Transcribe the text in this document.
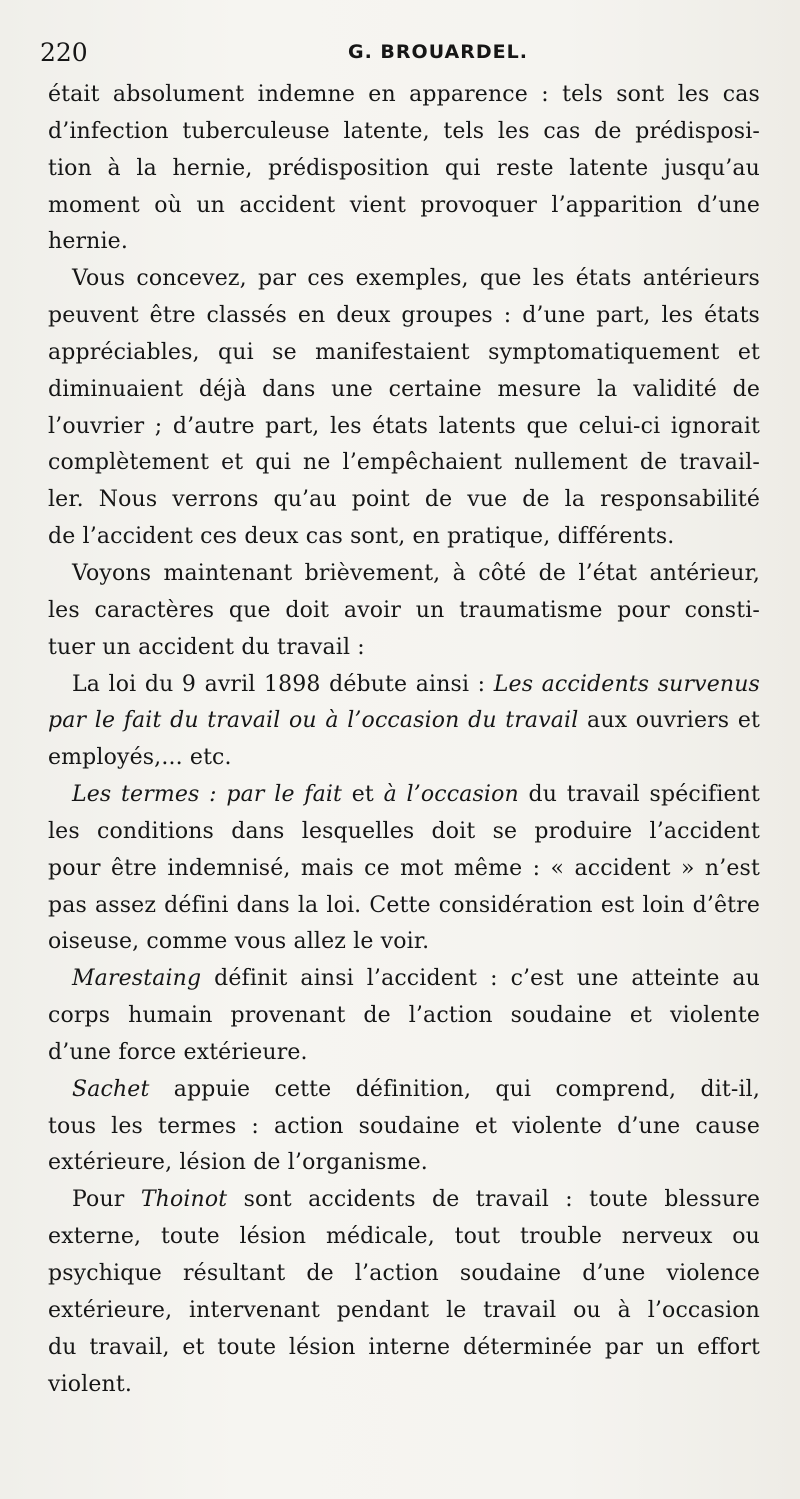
220	G. BROUARDEL.
était absolument indemne en apparence : tels sont les cas
d’infection tuberculeuse latente, tels les cas de prédisposi-
tion à la hernie, prédisposition qui reste latente jusqu’au
moment où un accident vient provoquer l’apparition d’une
hernie.
Vous concevez, par ces exemples, que les états antérieurs
peuvent être classés en deux groupes : d’une part, les états
appréciables, qui se manifestaient symptomatiquement et
diminuaient déjà dans une certaine mesure la validité de
l’ouvrier ; d’autre part, les états latents que celui-ci ignorait
complètement et qui ne l’empêchaient nullement de travail-
ler. Nous verrons qu’au point de vue de la responsabilité
de l’accident ces deux cas sont, en pratique, différents.
Voyons maintenant brièvement, à côté de l’état antérieur,
les caractères que doit avoir un traumatisme pour consti-
tuer un accident du travail :
La loi du 9 avril 1898 débute ainsi : Les accidents survenus
par le fait du travail ou à l’occasion du travail aux ouvriers et
employés,... etc.
Les termes : par le fait et à l’occasion du travail spécifient
les conditions dans lesquelles doit se produire l’accident
pour être indemnisé, mais ce mot même : « accident » n’est
pas assez défini dans la loi. Cette considération est loin d’être
oiseuse, comme vous allez le voir.
Marestaing définit ainsi l’accident : c’est une atteinte au
corps humain provenant de l’action soudaine et violente
d’une force extérieure.
Sachet appuie cette définition, qui comprend, dit-il,
tous les termes : action soudaine et violente d’une cause
extérieure, lésion de l’organisme.
Pour Thoinot sont accidents de travail : toute blessure
externe, toute lésion médicale, tout trouble nerveux ou
psychique résultant de l’action soudaine d’une violence
extérieure, intervenant pendant le travail ou à l’occasion
du travail, et toute lésion interne déterminée par un effort
violent.
